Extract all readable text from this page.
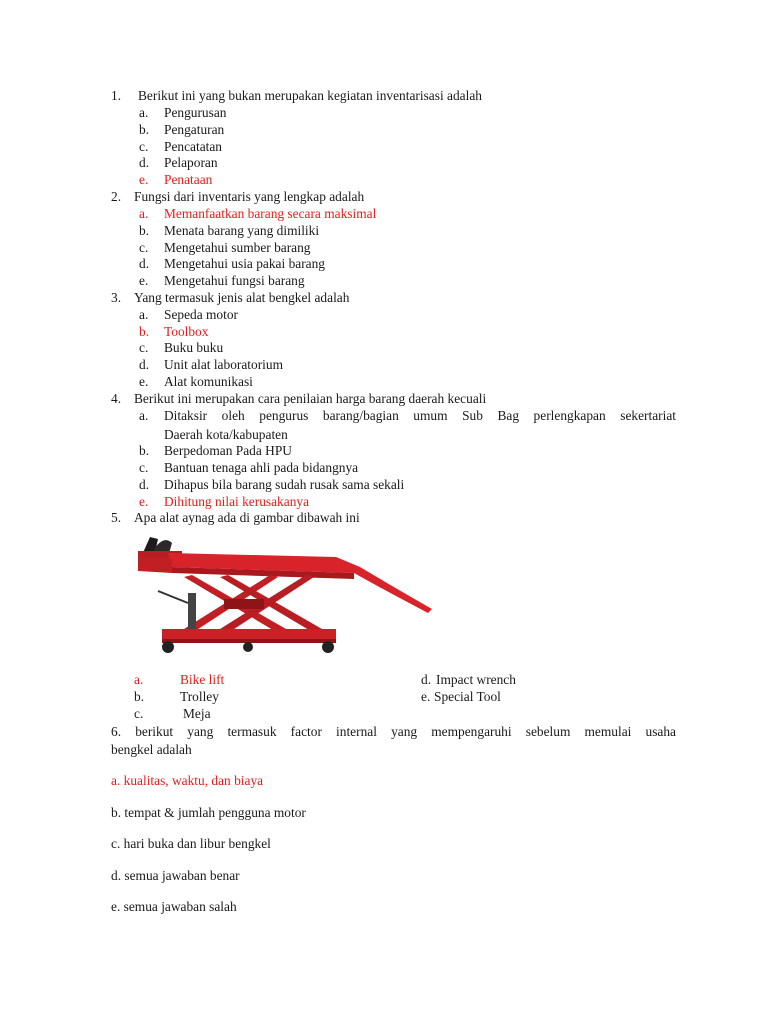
1. Berikut ini yang bukan merupakan kegiatan inventarisasi adalah
a. Pengurusan
b. Pengaturan
c. Pencatatan
d. Pelaporan
e. Penataan
2. Fungsi dari inventaris yang lengkap adalah
a. Memanfaatkan barang secara maksimal
b. Menata barang yang dimiliki
c. Mengetahui sumber barang
d. Mengetahui usia pakai barang
e. Mengetahui fungsi barang
3. Yang termasuk jenis alat bengkel adalah
a. Sepeda motor
b. Toolbox
c. Buku buku
d. Unit alat laboratorium
e. Alat komunikasi
4. Berikut ini merupakan cara penilaian harga barang daerah kecuali
a. Ditaksir oleh pengurus barang/bagian umum Sub Bag perlengkapan sekertariat
Daerah kota/kabupaten
b. Berpedoman Pada HPU
c. Bantuan tenaga ahli pada bidangnya
d. Dihapus bila barang sudah rusak sama sekali
e. Dihitung nilai kerusakanya
5. Apa alat aynag ada di gambar dibawah ini
a.	Bike lift
b.	Trolley
c.	Meja
d. Impact wrench
e. Special Tool
6. berikut yang termasuk factor internal yang mempengaruhi sebelum memulai usaha
bengkel adalah
a. kualitas, waktu, dan biaya
b. tempat & jumlah pengguna motor
c. hari buka dan libur bengkel
d. semua jawaban benar
e. semua jawaban salah
